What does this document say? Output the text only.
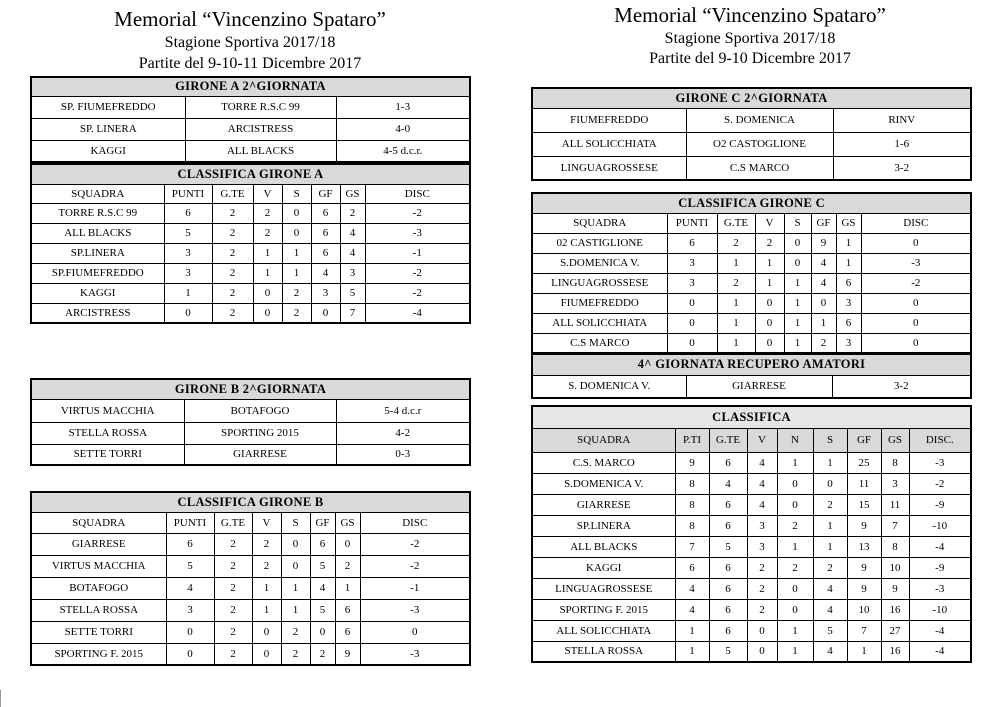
Memorial “Vincenzino Spataro”
Stagione Sportiva 2017/18
Partite del 9-10-11 Dicembre 2017
Memorial “Vincenzino Spataro”
Stagione Sportiva 2017/18
Partite del 9-10 Dicembre 2017
GIRONE A 2^GIORNATA		
SP. FIUMEFREDDO	TORRE R.S.C 99	1-3
SP. LINERA	ARCISTRESS	4-0
KAGGI	ALL BLACKS	4-5 d.c.r.
CLASSIFICA GIRONE A							
SQUADRA	PUNTI	G.TE	V	S	GF	GS	DISC
TORRE R.S.C 99	6	2	2	0	6	2	-2
ALL BLACKS	5	2	2	0	6	4	-3
SP.LINERA	3	2	1	1	6	4	-1
SP.FIUMEFREDDO	3	2	1	1	4	3	-2
KAGGI	1	2	0	2	3	5	-2
ARCISTRESS	0	2	0	2	0	7	-4
GIRONE B 2^GIORNATA		
VIRTUS MACCHIA	BOTAFOGO	5-4 d.c.r
STELLA ROSSA	SPORTING 2015	4-2
SETTE TORRI	GIARRESE	0-3
CLASSIFICA GIRONE B							
SQUADRA	PUNTI	G.TE	V	S	GF	GS	DISC
GIARRESE	6	2	2	0	6	0	-2
VIRTUS MACCHIA	5	2	2	0	5	2	-2
BOTAFOGO	4	2	1	1	4	1	-1
STELLA ROSSA	3	2	1	1	5	6	-3
SETTE TORRI	0	2	0	2	0	6	0
SPORTING F. 2015	0	2	0	2	2	9	-3
GIRONE C 2^GIORNATA		
FIUMEFREDDO	S. DOMENICA	RINV
ALL SOLICCHIATA	O2 CASTOGLIONE	1-6
LINGUAGROSSESE	C.S MARCO	3-2
CLASSIFICA GIRONE C							
SQUADRA	PUNTI	G.TE	V	S	GF	GS	DISC
02 CASTIGLIONE	6	2	2	0	9	1	0
S.DOMENICA V.	3	1	1	0	4	1	-3
LINGUAGROSSESE	3	2	1	1	4	6	-2
FIUMEFREDDO	0	1	0	1	0	3	0
ALL SOLICCHIATA	0	1	0	1	1	6	0
C.S MARCO	0	1	0	1	2	3	0
4^ GIORNATA RECUPERO AMATORI
S. DOMENICA V.	GIARRESE	3-2
CLASSIFICA								
SQUADRA	P.TI	G.TE	V	N	S	GF	GS	DISC.
C.S. MARCO	9	6	4	1	1	25	8	-3
S.DOMENICA V.	8	4	4	0	0	11	3	-2
GIARRESE	8	6	4	0	2	15	11	-9
SP.LINERA	8	6	3	2	1	9	7	-10
ALL BLACKS	7	5	3	1	1	13	8	-4
KAGGI	6	6	2	2	2	9	10	-9
LINGUAGROSSESE	4	6	2	0	4	9	9	-3
SPORTING F. 2015	4	6	2	0	4	10	16	-10
ALL SOLICCHIATA	1	6	0	1	5	7	27	-4
STELLA ROSSA	1	5	0	1	4	1	16	-4
